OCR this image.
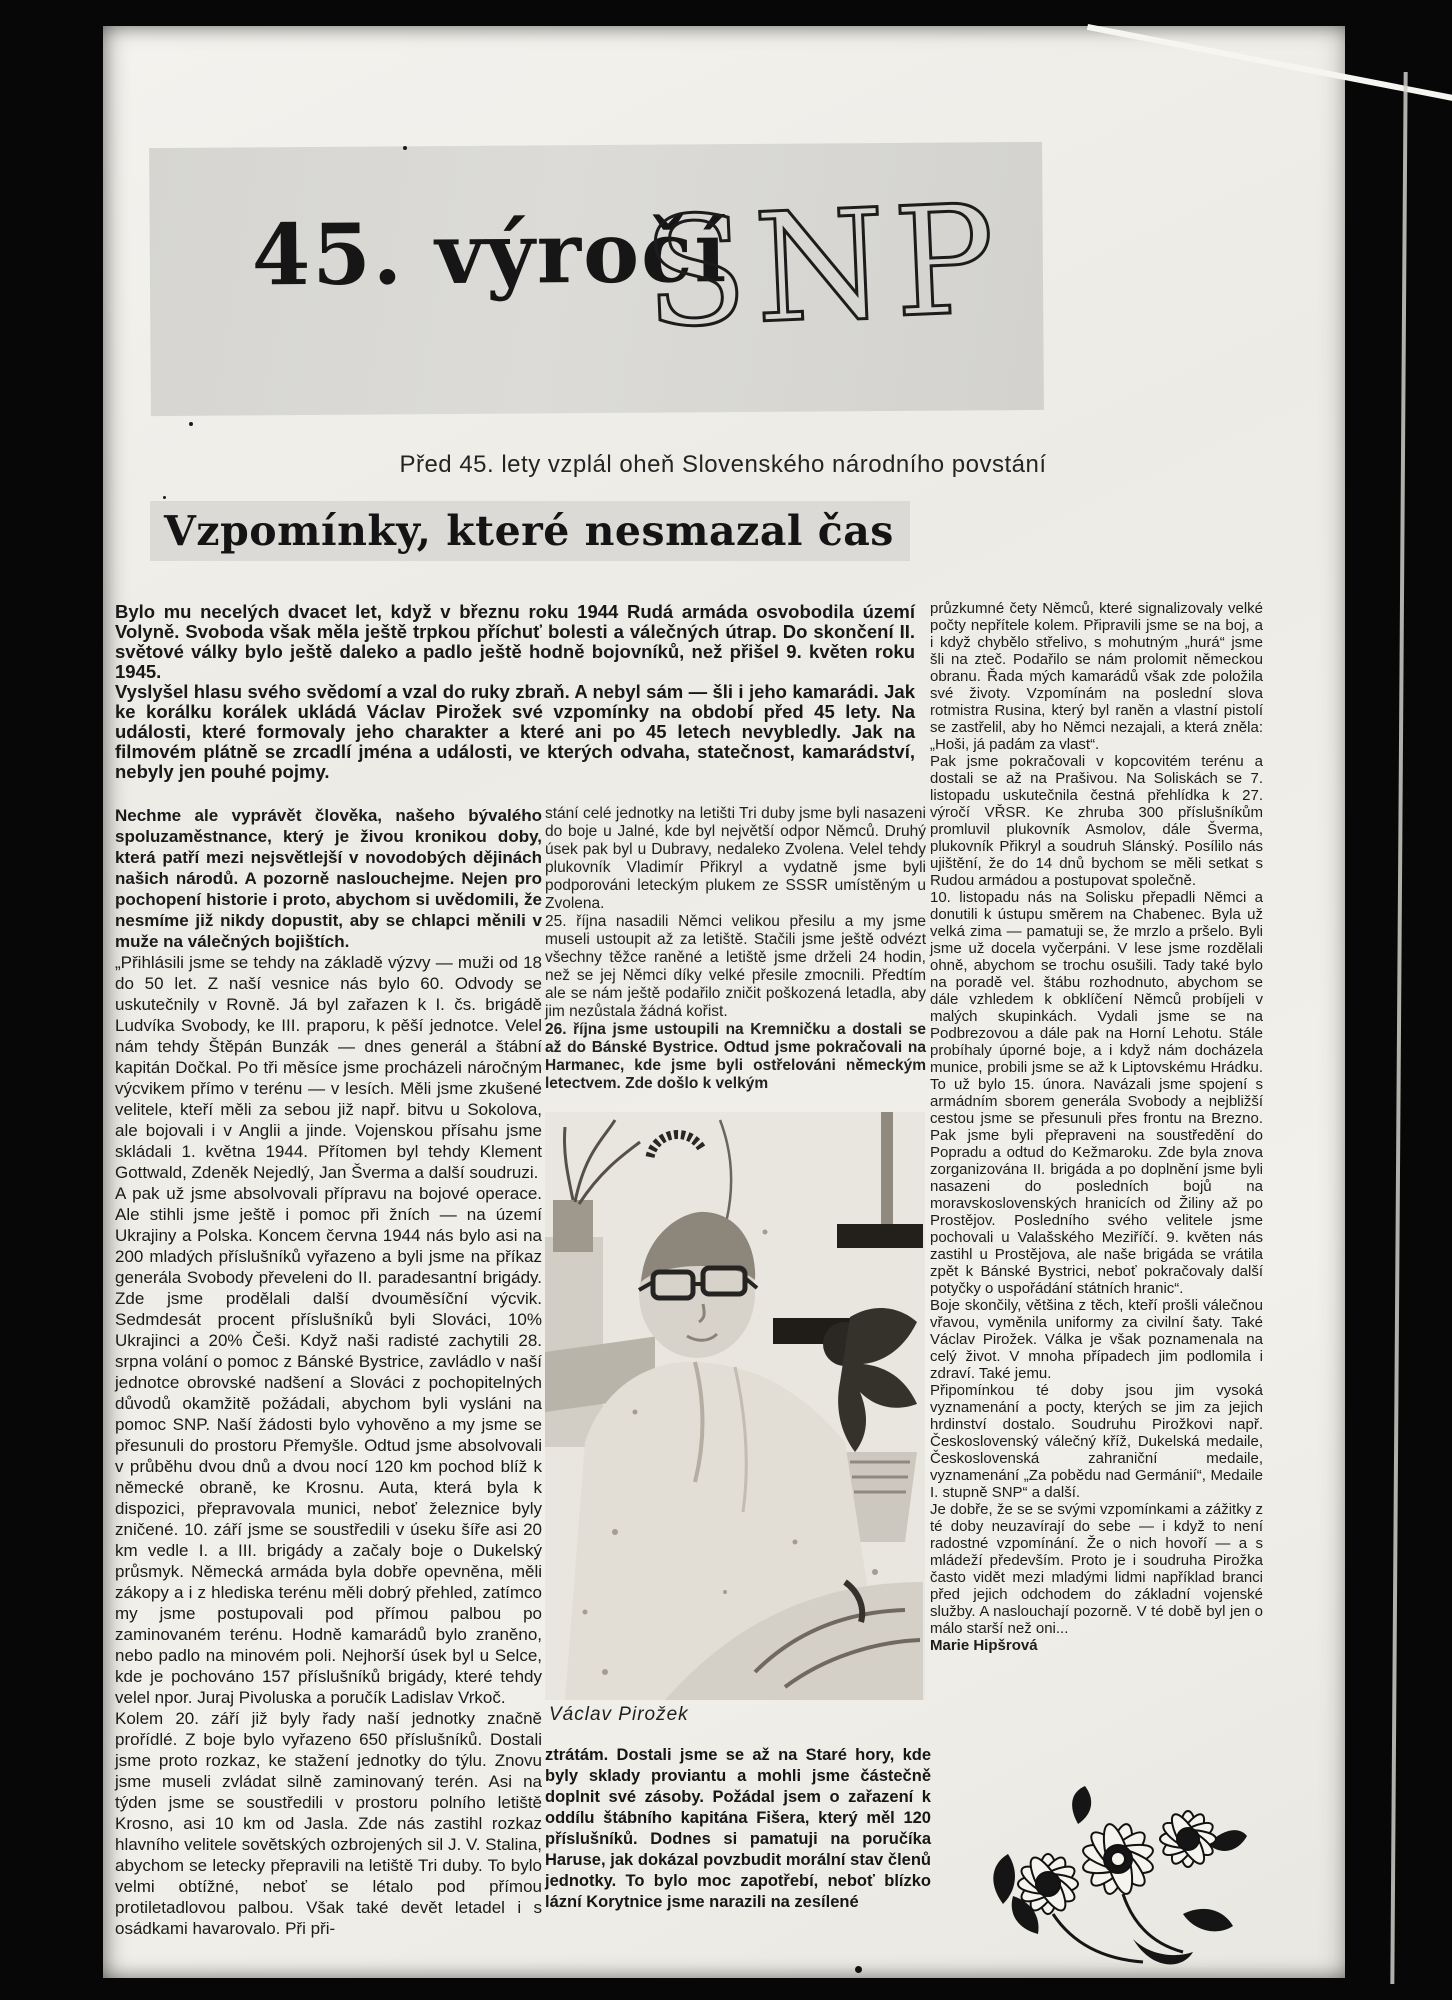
45. výročí
SNP
Před 45. lety vzplál oheň Slovenského národního povstání
Vzpomínky, které nesmazal čas

Bylo mu necelých dvacet let, když v březnu roku 1944 Rudá armáda osvobodila území Volyně. Svoboda však měla ještě trpkou příchuť bolesti a válečných útrap. Do skončení II. světové války bylo ještě daleko a padlo ještě hodně bojovníků, než přišel 9. květen roku 1945.

Vyslyšel hlasu svého svědomí a vzal do ruky zbraň. A nebyl sám — šli i jeho kamarádi. Jak ke korálku korálek ukládá Václav Pirožek své vzpomínky na období před 45 lety. Na události, které formovaly jeho charakter a které ani po 45 letech nevybledly. Jak na filmovém plátně se zrcadlí jména a události, ve kterých odvaha, statečnost, kamarádství, nebyly jen pouhé pojmy.

Nechme ale vyprávět člověka, našeho bývalého spoluzaměstnance, který je živou kronikou doby, která patří mezi nejsvětlejší v novodobých dějinách našich národů. A pozorně naslouchejme. Nejen pro pochopení historie i proto, abychom si uvědomili, že nesmíme již nikdy dopustit, aby se chlapci měnili v muže na válečných bojištích.

„Přihlásili jsme se tehdy na základě výzvy — muži od 18 do 50 let. Z naší vesnice nás bylo 60. Odvody se uskutečnily v Rovně. Já byl zařazen k I. čs. brigádě Ludvíka Svobody, ke III. praporu, k pěší jednotce. Velel nám tehdy Štěpán Bunzák — dnes generál a štábní kapitán Dočkal. Po tři měsíce jsme procházeli náročným výcvikem přímo v terénu — v lesích. Měli jsme zkušené velitele, kteří měli za sebou již např. bitvu u Sokolova, ale bojovali i v Anglii a jinde. Vojenskou přísahu jsme skládali 1. května 1944. Přítomen byl tehdy Klement Gottwald, Zdeněk Nejedlý, Jan Šverma a další soudruzi.

A pak už jsme absolvovali přípravu na bojové operace. Ale stihli jsme ještě i pomoc při žních — na území Ukrajiny a Polska. Koncem června 1944 nás bylo asi na 200 mladých příslušníků vyřazeno a byli jsme na příkaz generála Svobody převeleni do II. paradesantní brigády. Zde jsme prodělali další dvouměsíční výcvik. Sedmdesát procent příslušníků byli Slováci, 10% Ukrajinci a 20% Češi. Když naši radisté zachytili 28. srpna volání o pomoc z Bánské Bystrice, zavládlo v naší jednotce obrovské nadšení a Slováci z pochopitelných důvodů okamžitě požádali, abychom byli vysláni na pomoc SNP. Naší žádosti bylo vyhověno a my jsme se přesunuli do prostoru Přemyšle. Odtud jsme absolvovali v průběhu dvou dnů a dvou nocí 120 km pochod blíž k německé obraně, ke Krosnu. Auta, která byla k dispozici, přepravovala munici, neboť železnice byly zničené. 10. září jsme se soustředili v úseku šíře asi 20 km vedle I. a III. brigády a začaly boje o Dukelský průsmyk. Německá armáda byla dobře opevněna, měli zákopy a i z hlediska terénu měli dobrý přehled, zatímco my jsme postupovali pod přímou palbou po zaminovaném terénu. Hodně kamarádů bylo zraněno, nebo padlo na minovém poli. Nejhorší úsek byl u Selce, kde je pochováno 157 příslušníků brigády, které tehdy velel npor. Juraj Pivoluska a poručík Ladislav Vrkoč.

Kolem 20. září již byly řady naší jednotky značně prořídlé. Z boje bylo vyřazeno 650 příslušníků. Dostali jsme proto rozkaz, ke stažení jednotky do týlu. Znovu jsme museli zvládat silně zaminovaný terén. Asi na týden jsme se soustředili v prostoru polního letiště Krosno, asi 10 km od Jasla. Zde nás zastihl rozkaz hlavního velitele sovětských ozbrojených sil J. V. Stalina, abychom se letecky přepravili na letiště Tri duby. To bylo velmi obtížné, neboť se létalo pod přímou protiletadlovou palbou. Však také devět letadel i s osádkami havarovalo. Při při-

stání celé jednotky na letišti Tri duby jsme byli nasazeni do boje u Jalné, kde byl největší odpor Němců. Druhý úsek pak byl u Dubravy, nedaleko Zvolena. Velel tehdy plukovník Vladimír Přikryl a vydatně jsme byli podporováni leteckým plukem ze SSSR umístěným u Zvolena.

25. října nasadili Němci velikou přesilu a my jsme museli ustoupit až za letiště. Stačili jsme ještě odvézt všechny těžce raněné a letiště jsme drželi 24 hodin, než se jej Němci díky velké přesile zmocnili. Předtím ale se nám ještě podařilo zničit poškozená letadla, aby jim nezůstala žádná kořist.

26. října jsme ustoupili na Kremničku a dostali se až do Bánské Bystrice. Odtud jsme pokračovali na Harmanec, kde jsme byli ostřelováni německým letectvem. Zde došlo k velkým

Václav Pirožek

ztrátám. Dostali jsme se až na Staré hory, kde byly sklady proviantu a mohli jsme částečně doplnit své zásoby. Požádal jsem o zařazení k oddílu štábního kapitána Fišera, který měl 120 příslušníků. Dodnes si pamatuji na poručíka Haruse, jak dokázal povzbudit morální stav členů jednotky. To bylo moc zapotřebí, neboť blízko lázní Korytnice jsme narazili na zesílené

průzkumné čety Němců, které signalizovaly velké počty nepřítele kolem. Připravili jsme se na boj, a i když chybělo střelivo, s mohutným „hurá“ jsme šli na zteč. Podařilo se nám prolomit německou obranu. Řada mých kamarádů však zde položila své životy. Vzpomínám na poslední slova rotmistra Rusina, který byl raněn a vlastní pistolí se zastřelil, aby ho Němci nezajali, a která zněla: „Hoši, já padám za vlast“.

Pak jsme pokračovali v kopcovitém terénu a dostali se až na Prašivou. Na Soliskách se 7. listopadu uskutečnila čestná přehlídka k 27. výročí VŘSR. Ke zhruba 300 příslušníkům promluvil plukovník Asmolov, dále Šverma, plukovník Přikryl a soudruh Slánský. Posílilo nás ujištění, že do 14 dnů bychom se měli setkat s Rudou armádou a postupovat společně.

10. listopadu nás na Solisku přepadli Němci a donutili k ústupu směrem na Chabenec. Byla už velká zima — pamatuji se, že mrzlo a pršelo. Byli jsme už docela vyčerpáni. V lese jsme rozdělali ohně, abychom se trochu osušili. Tady také bylo na poradě vel. štábu rozhodnuto, abychom se dále vzhledem k obklíčení Němců probíjeli v malých skupinkách. Vydali jsme se na Podbrezovou a dále pak na Horní Lehotu. Stále probíhaly úporné boje, a i když nám docházela munice, probili jsme se až k Liptovskému Hrádku. To už bylo 15. února. Navázali jsme spojení s armádním sborem generála Svobody a nejbližší cestou jsme se přesunuli přes frontu na Brezno. Pak jsme byli přepraveni na soustředění do Popradu a odtud do Kežmaroku. Zde byla znova zorganizována II. brigáda a po doplnění jsme byli nasazeni do posledních bojů na moravskoslovenských hranicích od Žiliny až po Prostějov. Posledního svého velitele jsme pochovali u Valašského Meziříčí. 9. květen nás zastihl u Prostějova, ale naše brigáda se vrátila zpět k Bánské Bystrici, neboť pokračovaly další potyčky o uspořádání státních hranic“.

Boje skončily, většina z těch, kteří prošli válečnou vřavou, vyměnila uniformy za civilní šaty. Také Václav Pirožek. Válka je však poznamenala na celý život. V mnoha případech jim podlomila i zdraví. Také jemu.

Připomínkou té doby jsou jim vysoká vyznamenání a pocty, kterých se jim za jejich hrdinství dostalo. Soudruhu Pirožkovi např. Československý válečný kříž, Dukelská medaile, Československá zahraniční medaile, vyznamenání „Za pobědu nad Germánií“, Medaile I. stupně SNP“ a další.

Je dobře, že se se svými vzpomínkami a zážitky z té doby neuzavírají do sebe — i když to není radostné vzpomínání. Že o nich hovoří — a s mládeží především. Proto je i soudruha Pirožka často vidět mezi mladými lidmi například branci před jejich odchodem do základní vojenské služby. A naslouchají pozorně. V té době byl jen o málo starší než oni...

Marie Hipšrová
